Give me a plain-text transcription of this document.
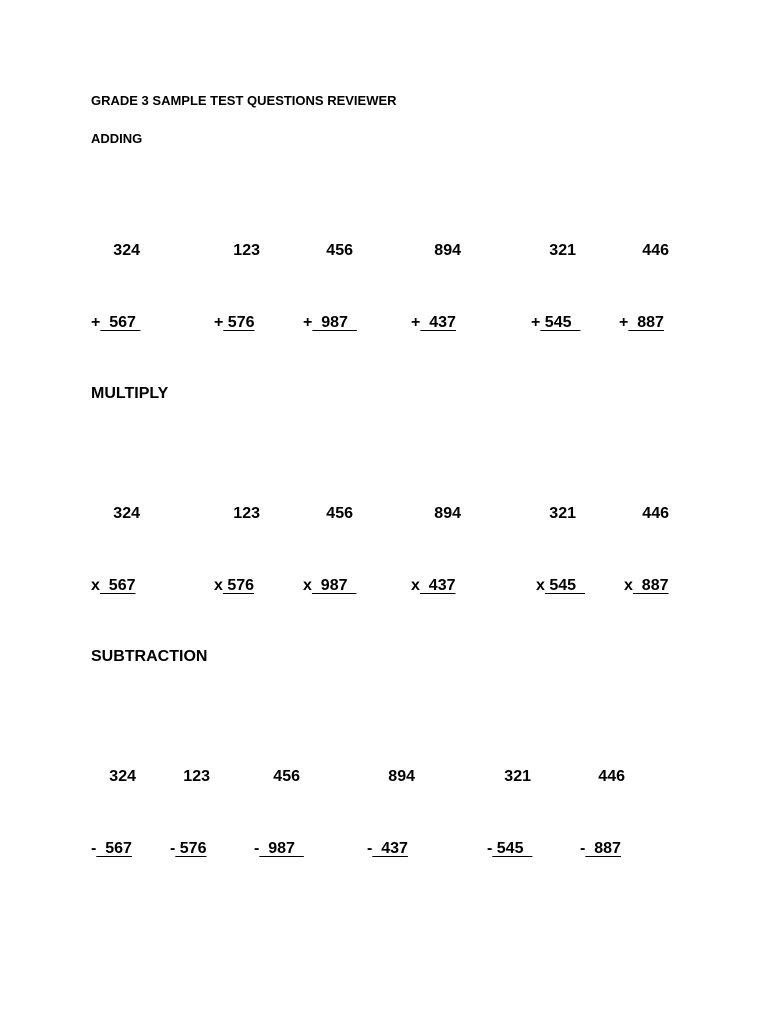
GRADE 3 SAMPLE TEST QUESTIONS REVIEWER
ADDING

324

+  567

123

+ 576

456

+  987

894

+  437

321

+ 545

446

+  887

MULTIPLY

324

x  567

123

x 576

456

x  987

894

x  437

321

x 545

446

x  887

SUBTRACTION

324

-  567

123

- 576

456

-  987

894

-  437

321

- 545

446

-  887
